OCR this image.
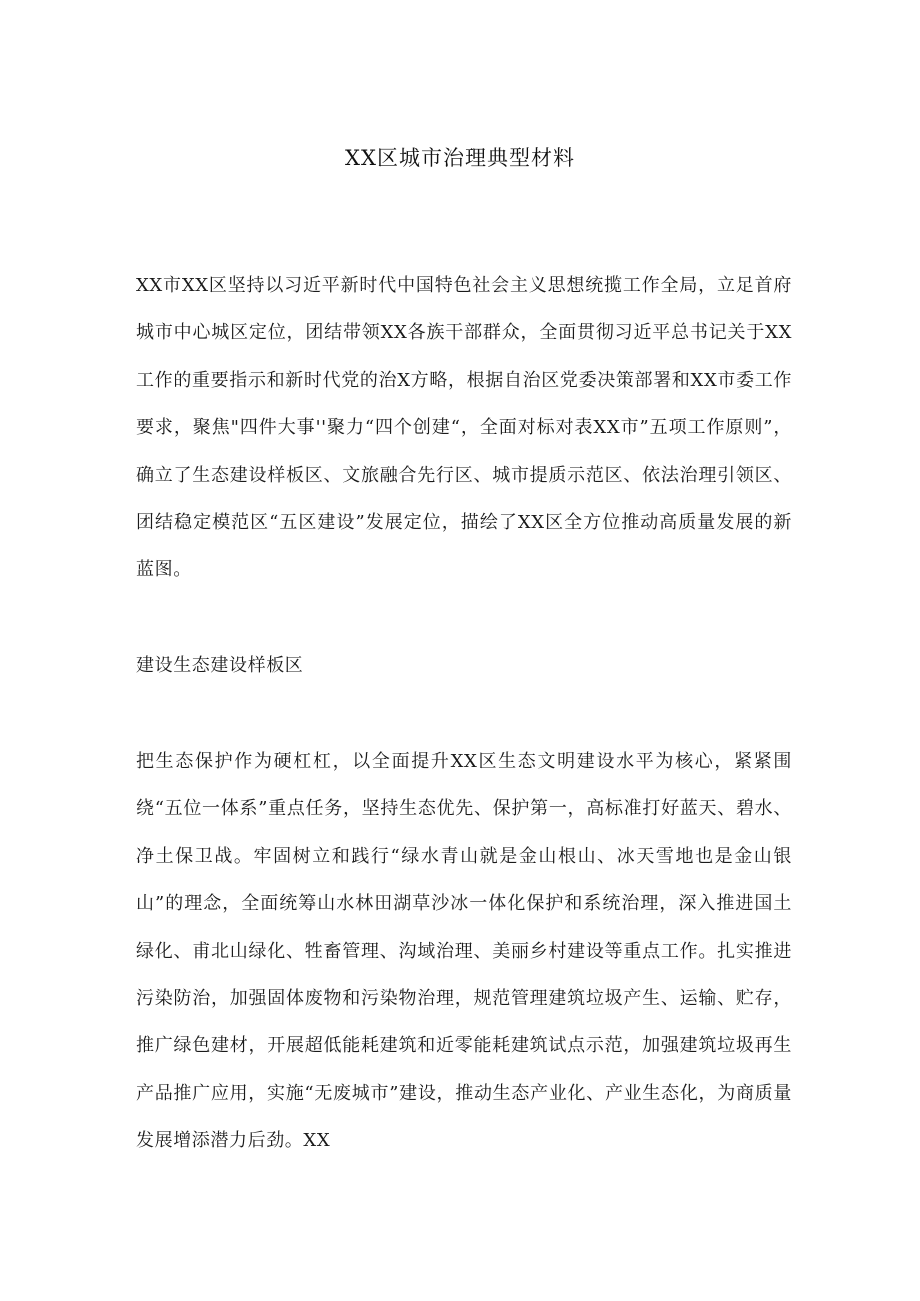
XX区城市治理典型材料

XX市XX区坚持以习近平新时代中国特色社会主义思想统揽工作全局，立足首府城市中心城区定位，团结带领XX各族干部群众，全面贯彻习近平总书记关于XX工作的重要指示和新时代党的治X方略，根据自治区党委决策部署和XX市委工作要求，聚焦"四件大事''聚力“四个创建“，全面对标对表XX市”五项工作原则”，确立了生态建设样板区、文旅融合先行区、城市提质示范区、依法治理引领区、团结稳定模范区“五区建设”发展定位，描绘了XX区全方位推动高质量发展的新蓝图。

建设生态建设样板区

把生态保护作为硬杠杠，以全面提升XX区生态文明建设水平为核心，紧紧围绕“五位一体系”重点任务，坚持生态优先、保护第一，高标准打好蓝天、碧水、净土保卫战。牢固树立和践行“绿水青山就是金山根山、冰天雪地也是金山银山”的理念，全面统筹山水林田湖草沙冰一体化保护和系统治理，深入推进国土绿化、甫北山绿化、牲畜管理、沟域治理、美丽乡村建设等重点工作。扎实推进污染防治，加强固体废物和污染物治理，规范管理建筑垃圾产生、运输、贮存，推广绿色建材，开展超低能耗建筑和近零能耗建筑试点示范，加强建筑垃圾再生产品推广应用，实施“无废城市”建设，推动生态产业化、产业生态化，为商质量发展增添潜力后劲。XX
